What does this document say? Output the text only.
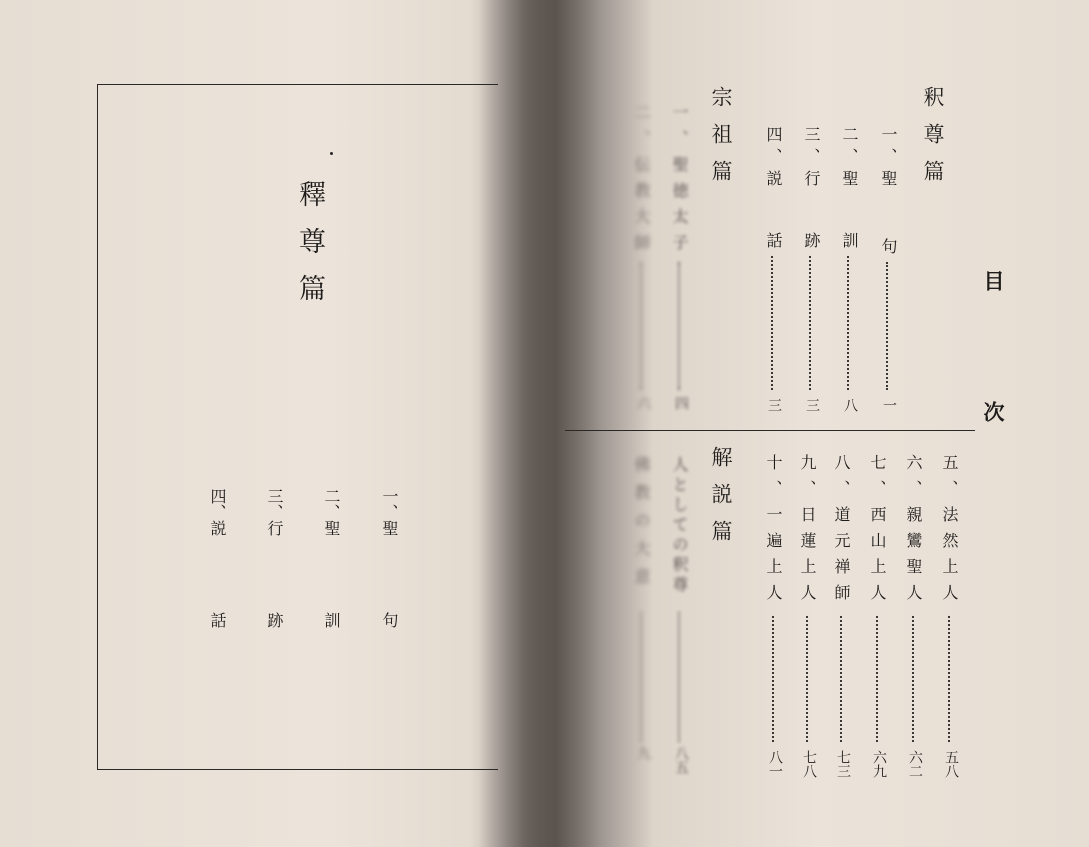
釋尊篇
一、聖
句
二、聖
訓
三、行
跡
四、説
話
目次
釈尊篇
一、聖
句
一
二、聖
訓
八
三、行
跡
三
四、説
話
三
宗祖篇
一、聖徳太子
四
二、伝教大師
六
解説篇
人としての釈尊
八五
佛教の大意
九
五、法然上人
五八
六、親鸞聖人
六二
七、西山上人
六九
八、道元禅師
七三
九、日蓮上人
七八
十、一遍上人
八一
